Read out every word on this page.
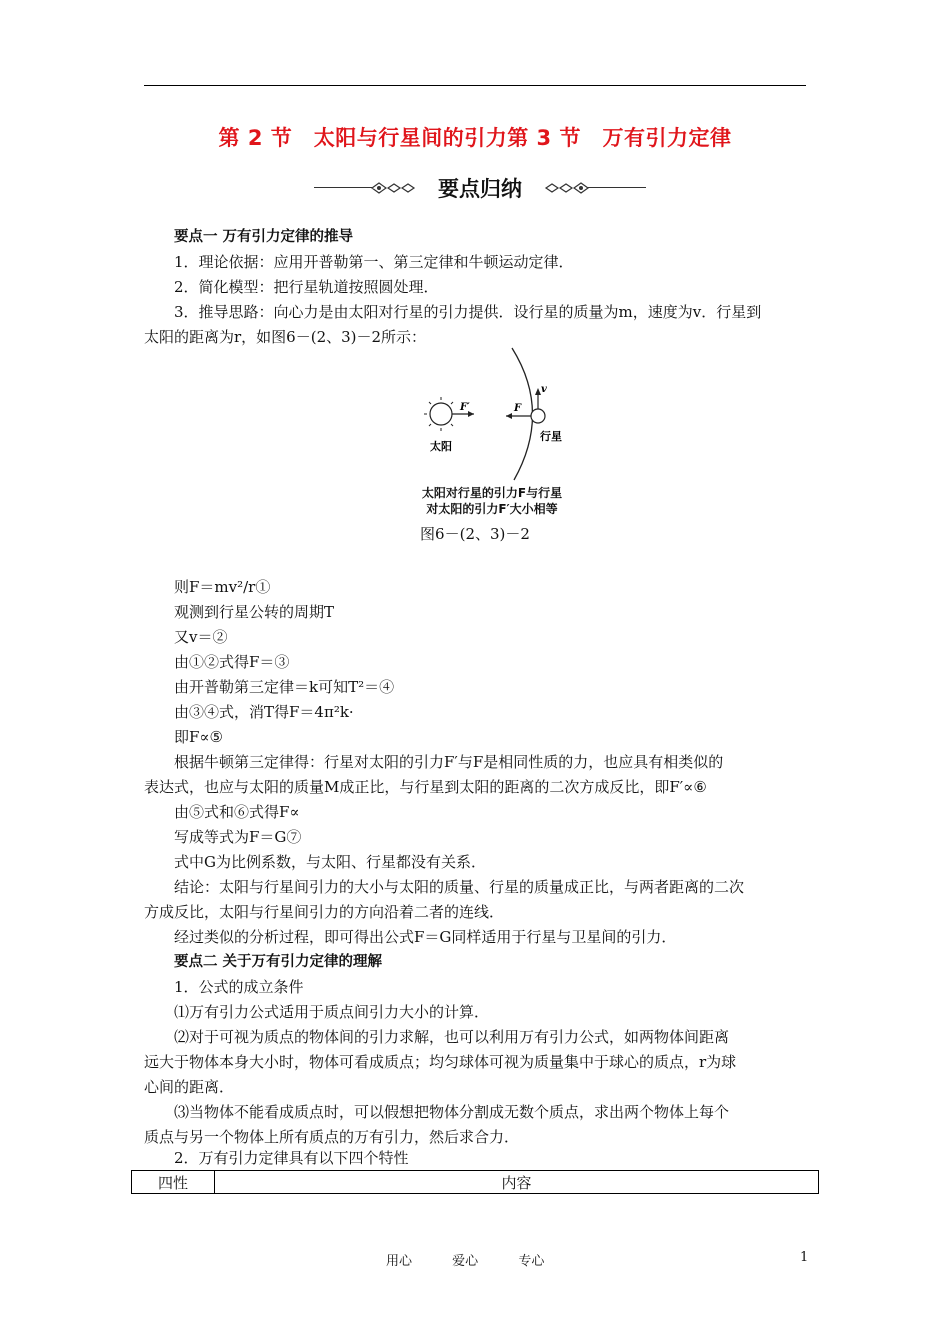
第 2 节　太阳与行星间的引力第 3 节　万有引力定律
要点归纳
要点一 万有引力定律的推导
1．理论依据：应用开普勒第一、第三定律和牛顿运动定律．
2．简化模型：把行星轨道按照圆处理．
3．推导思路：向心力是由太阳对行星的引力提供．设行星的质量为m，速度为v．行星到
太阳的距离为r，如图6－(2、3)－2所示：
F′	F
v
太阳
行星
太阳对行星的引力F与行星
对太阳的引力F′大小相等
图6－(2、3)－2
则F＝mv²/r①
观测到行星公转的周期T
又v＝②
由①②式得F＝③
由开普勒第三定律＝k可知T²＝④
由③④式，消T得F＝4π²k·
即F∝⑤
根据牛顿第三定律得：行星对太阳的引力F′与F是相同性质的力，也应具有相类似的
表达式，也应与太阳的质量M成正比，与行星到太阳的距离的二次方成反比，即F′∝⑥
由⑤式和⑥式得F∝
写成等式为F＝G⑦
式中G为比例系数，与太阳、行星都没有关系．
结论：太阳与行星间引力的大小与太阳的质量、行星的质量成正比，与两者距离的二次
方成反比，太阳与行星间引力的方向沿着二者的连线．
经过类似的分析过程，即可得出公式F＝G同样适用于行星与卫星间的引力．
要点二 关于万有引力定律的理解
1．公式的成立条件
⑴万有引力公式适用于质点间引力大小的计算．
⑵对于可视为质点的物体间的引力求解，也可以利用万有引力公式，如两物体间距离
远大于物体本身大小时，物体可看成质点；均匀球体可视为质量集中于球心的质点，r为球
心间的距离．
⑶当物体不能看成质点时，可以假想把物体分割成无数个质点，求出两个物体上每个
质点与另一个物体上所有质点的万有引力，然后求合力．
2．万有引力定律具有以下四个特性
四性	内容
用心	爱心	专心	1
